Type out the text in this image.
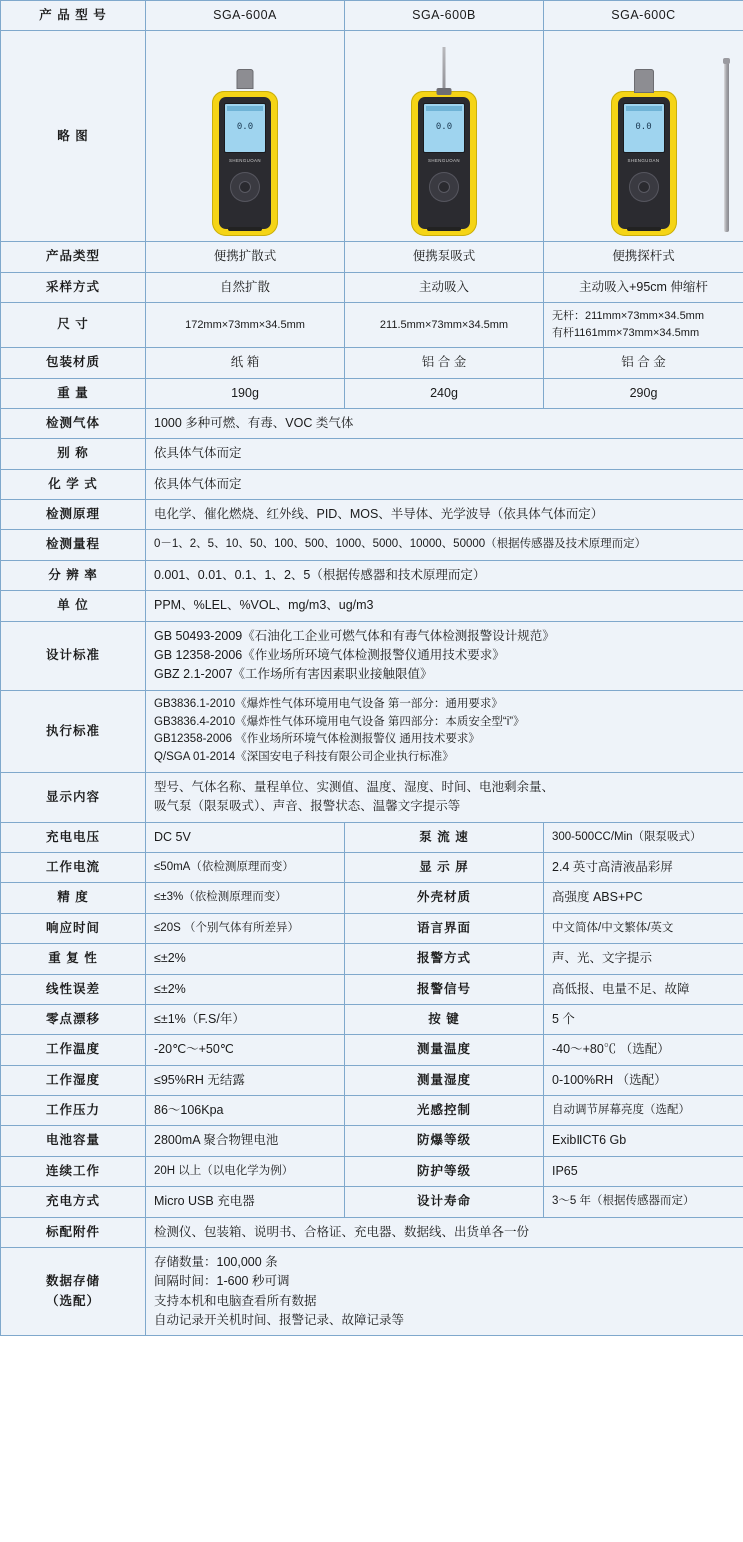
产 品 型 号	SGA-600A	SGA-600B	SGA-600C
略 图	
0.0
SHENGUOAN

0.0
SHENGUOAN

0.0
SHENGUOAN

产品类型	便携扩散式	便携泵吸式	便携探杆式
采样方式	自然扩散	主动吸入	主动吸入+95cm 伸缩杆
尺 寸	172mm×73mm×34.5mm	211.5mm×73mm×34.5mm	无杆：211mm×73mm×34.5mm
有杆1161mm×73mm×34.5mm

包装材质	纸 箱	铝 合 金	铝 合 金
重 量	190g	240g	290g
检测气体	1000 多种可燃、有毒、VOC 类气体		
别 称	依具体气体而定		
化 学 式	依具体气体而定		
检测原理	电化学、催化燃烧、红外线、PID、MOS、半导体、光学波导（依具体气体而定）		
检测量程	0－1、2、5、10、50、100、500、1000、5000、10000、50000（根据传感器及技术原理而定）		
分 辨 率	0.001、0.01、0.1、1、2、5（根据传感器和技术原理而定）		
单 位	PPM、%LEL、%VOL、mg/m3、ug/m3		
设计标准	GB 50493-2009《石油化工企业可燃气体和有毒气体检测报警设计规范》
GB 12358-2006《作业场所环境气体检测报警仪通用技术要求》
GBZ 2.1-2007《工作场所有害因素职业接触限值》		

执行标准	GB3836.1-2010《爆炸性气体环境用电气设备 第一部分：通用要求》
GB3836.4-2010《爆炸性气体环境用电气设备 第四部分：本质安全型“i”》
GB12358-2006 《作业场所环境气体检测报警仪 通用技术要求》
Q/SGA 01-2014《深国安电子科技有限公司企业执行标准》		

显示内容	型号、气体名称、量程单位、实测值、温度、湿度、时间、电池剩余量、
吸气泵（限泵吸式）、声音、报警状态、温馨文字提示等		

充电电压	DC 5V	泵 流 速	300-500CC/Min（限泵吸式）
工作电流	≤50mA（依检测原理而变）	显 示 屏	2.4 英寸高清液晶彩屏
精 度	≤±3%（依检测原理而变）	外壳材质	高强度 ABS+PC
响应时间	≤20S （个别气体有所差异）	语言界面	中文简体/中文繁体/英文
重 复 性	≤±2%	报警方式	声、光、文字提示
线性误差	≤±2%	报警信号	高低报、电量不足、故障
零点漂移	≤±1%（F.S/年）	按 键	5 个
工作温度	-20℃～+50℃	测量温度	-40～+80℃ （选配）
工作湿度	≤95%RH 无结露	测量湿度	0-100%RH （选配）
工作压力	86～106Kpa	光感控制	自动调节屏幕亮度（选配）
电池容量	2800mA 聚合物锂电池	防爆等级	ExibⅡCT6 Gb
连续工作	20H 以上（以电化学为例）	防护等级	IP65
充电方式	Micro USB 充电器	设计寿命	3～5 年（根据传感器而定）
标配附件	检测仪、包装箱、说明书、合格证、充电器、数据线、出货单各一份		

数据存储
（选配）

存储数量：100,000 条
间隔时间：1-600 秒可调
支持本机和电脑查看所有数据
自动记录开关机时间、报警记录、故障记录等
